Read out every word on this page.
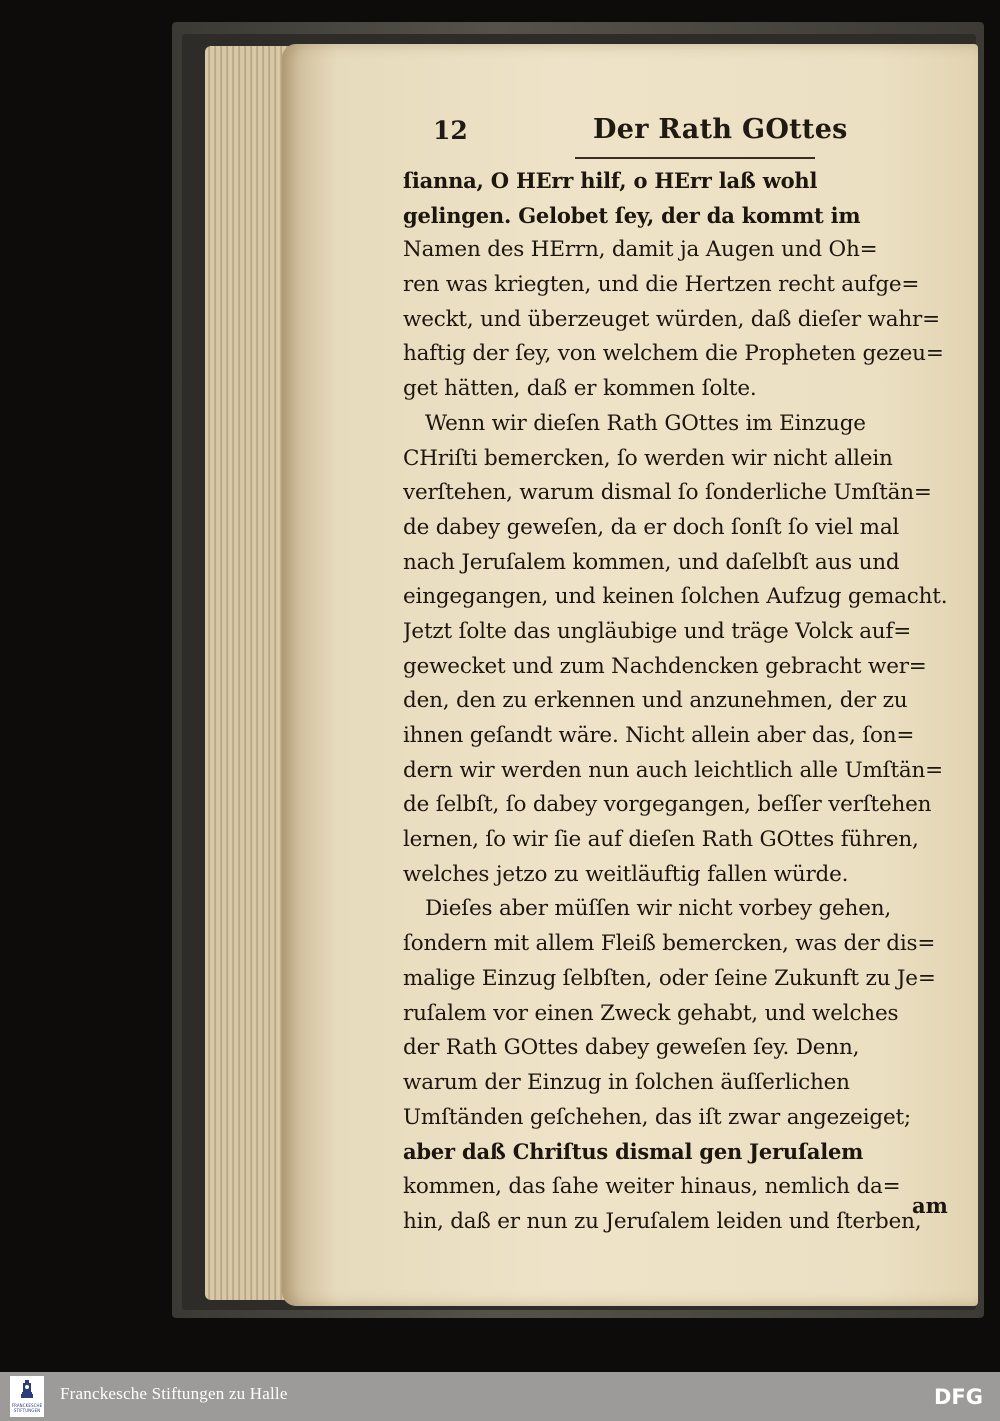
12	Der Rath GOttes
ſianna, O HErr hilf, o HErr laß wohl
gelingen. Gelobet ſey, der da kommt im
Namen des HErrn, damit ja Augen und Oh=
ren was kriegten, und die Hertzen recht aufge=
weckt, und überzeuget würden, daß dieſer wahr=
haftig der ſey, von welchem die Propheten gezeu=
get hätten, daß er kommen ſolte.
Wenn wir dieſen Rath GOttes im Einzuge
CHriſti bemercken, ſo werden wir nicht allein
verſtehen, warum dismal ſo ſonderliche Umſtän=
de dabey geweſen, da er doch ſonſt ſo viel mal
nach Jeruſalem kommen, und daſelbſt aus und
eingegangen, und keinen ſolchen Aufzug gemacht.
Jetzt ſolte das ungläubige und träge Volck auf=
gewecket und zum Nachdencken gebracht wer=
den, den zu erkennen und anzunehmen, der zu
ihnen geſandt wäre. Nicht allein aber das, ſon=
dern wir werden nun auch leichtlich alle Umſtän=
de ſelbſt, ſo dabey vorgegangen, beſſer verſtehen
lernen, ſo wir ſie auf dieſen Rath GOttes führen,
welches jetzo zu weitläuftig fallen würde.
Dieſes aber müſſen wir nicht vorbey gehen,
ſondern mit allem Fleiß bemercken, was der dis=
malige Einzug ſelbſten, oder ſeine Zukunft zu Je=
ruſalem vor einen Zweck gehabt, und welches
der Rath GOttes dabey geweſen ſey. Denn,
warum der Einzug in ſolchen äuſſerlichen
Umſtänden geſchehen, das iſt zwar angezeiget;
aber daß Chriſtus dismal gen Jeruſalem
kommen, das ſahe weiter hinaus, nemlich da=
hin, daß er nun zu Jeruſalem leiden und ſterben,
am
FRANCKESCHE STIFTUNGEN
Franckesche Stiftungen zu Halle	DFG
